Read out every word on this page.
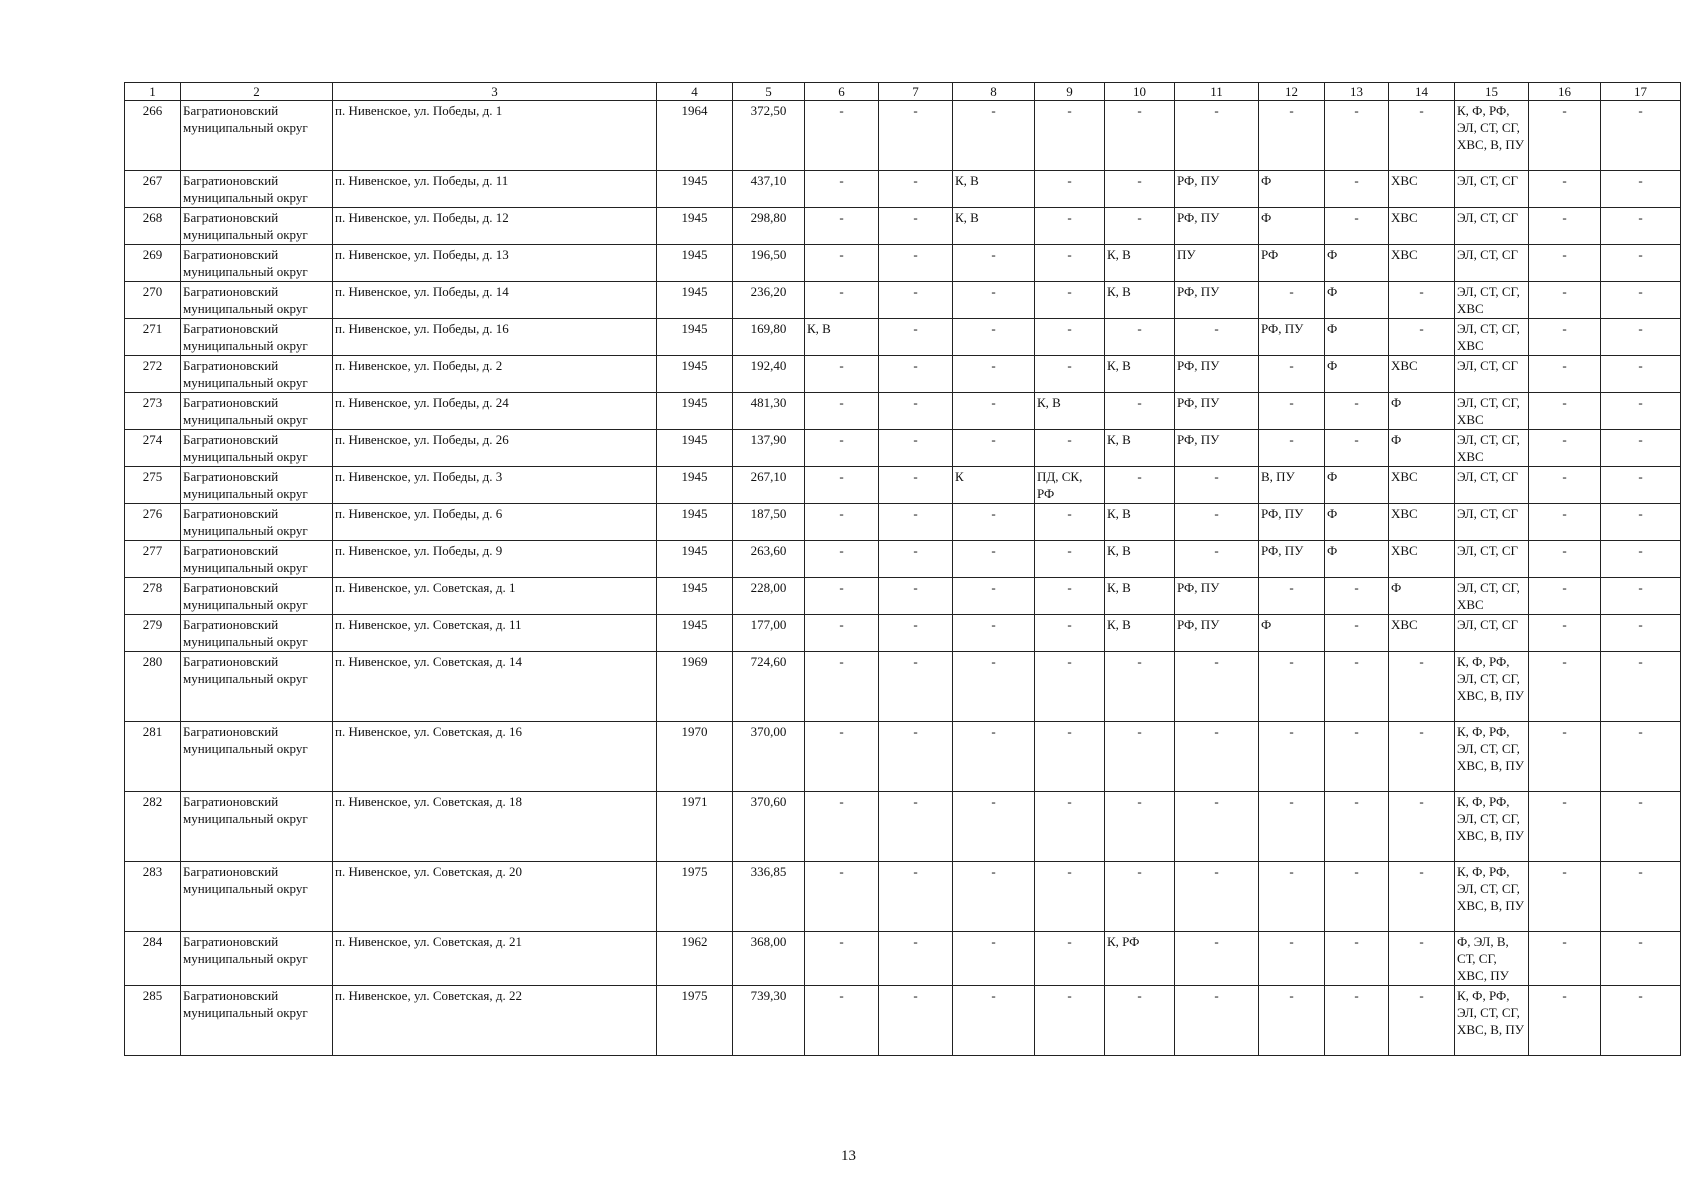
1	2	3	4	5	6	7	8	9	10	11	12	13	14	15	16	17
266	Багратионовский муниципальный округ	п. Нивенское, ул. Победы, д. 1	1964	372,50	-	-	-	-	-	-	-	-	-	К, Ф, РФ, ЭЛ, СТ, СГ, ХВС, В, ПУ	-	-
267	Багратионовский муниципальный округ	п. Нивенское, ул. Победы, д. 11	1945	437,10	-	-	К, В	-	-	РФ, ПУ	Ф	-	ХВС	ЭЛ, СТ, СГ	-	-
268	Багратионовский муниципальный округ	п. Нивенское, ул. Победы, д. 12	1945	298,80	-	-	К, В	-	-	РФ, ПУ	Ф	-	ХВС	ЭЛ, СТ, СГ	-	-
269	Багратионовский муниципальный округ	п. Нивенское, ул. Победы, д. 13	1945	196,50	-	-	-	-	К, В	ПУ	РФ	Ф	ХВС	ЭЛ, СТ, СГ	-	-
270	Багратионовский муниципальный округ	п. Нивенское, ул. Победы, д. 14	1945	236,20	-	-	-	-	К, В	РФ, ПУ	-	Ф	-	ЭЛ, СТ, СГ, ХВС	-	-
271	Багратионовский муниципальный округ	п. Нивенское, ул. Победы, д. 16	1945	169,80	К, В	-	-	-	-	-	РФ, ПУ	Ф	-	ЭЛ, СТ, СГ, ХВС	-	-
272	Багратионовский муниципальный округ	п. Нивенское, ул. Победы, д. 2	1945	192,40	-	-	-	-	К, В	РФ, ПУ	-	Ф	ХВС	ЭЛ, СТ, СГ	-	-
273	Багратионовский муниципальный округ	п. Нивенское, ул. Победы, д. 24	1945	481,30	-	-	-	К, В	-	РФ, ПУ	-	-	Ф	ЭЛ, СТ, СГ, ХВС	-	-
274	Багратионовский муниципальный округ	п. Нивенское, ул. Победы, д. 26	1945	137,90	-	-	-	-	К, В	РФ, ПУ	-	-	Ф	ЭЛ, СТ, СГ, ХВС	-	-
275	Багратионовский муниципальный округ	п. Нивенское, ул. Победы, д. 3	1945	267,10	-	-	К	ПД, СК, РФ	-	-	В, ПУ	Ф	ХВС	ЭЛ, СТ, СГ	-	-
276	Багратионовский муниципальный округ	п. Нивенское, ул. Победы, д. 6	1945	187,50	-	-	-	-	К, В	-	РФ, ПУ	Ф	ХВС	ЭЛ, СТ, СГ	-	-
277	Багратионовский муниципальный округ	п. Нивенское, ул. Победы, д. 9	1945	263,60	-	-	-	-	К, В	-	РФ, ПУ	Ф	ХВС	ЭЛ, СТ, СГ	-	-
278	Багратионовский муниципальный округ	п. Нивенское, ул. Советская, д. 1	1945	228,00	-	-	-	-	К, В	РФ, ПУ	-	-	Ф	ЭЛ, СТ, СГ, ХВС	-	-
279	Багратионовский муниципальный округ	п. Нивенское, ул. Советская, д. 11	1945	177,00	-	-	-	-	К, В	РФ, ПУ	Ф	-	ХВС	ЭЛ, СТ, СГ	-	-
280	Багратионовский муниципальный округ	п. Нивенское, ул. Советская, д. 14	1969	724,60	-	-	-	-	-	-	-	-	-	К, Ф, РФ, ЭЛ, СТ, СГ, ХВС, В, ПУ	-	-
281	Багратионовский муниципальный округ	п. Нивенское, ул. Советская, д. 16	1970	370,00	-	-	-	-	-	-	-	-	-	К, Ф, РФ, ЭЛ, СТ, СГ, ХВС, В, ПУ	-	-
282	Багратионовский муниципальный округ	п. Нивенское, ул. Советская, д. 18	1971	370,60	-	-	-	-	-	-	-	-	-	К, Ф, РФ, ЭЛ, СТ, СГ, ХВС, В, ПУ	-	-
283	Багратионовский муниципальный округ	п. Нивенское, ул. Советская, д. 20	1975	336,85	-	-	-	-	-	-	-	-	-	К, Ф, РФ, ЭЛ, СТ, СГ, ХВС, В, ПУ	-	-
284	Багратионовский муниципальный округ	п. Нивенское, ул. Советская, д. 21	1962	368,00	-	-	-	-	К, РФ	-	-	-	-	Ф, ЭЛ, В, СТ, СГ, ХВС, ПУ	-	-
285	Багратионовский муниципальный округ	п. Нивенское, ул. Советская, д. 22	1975	739,30	-	-	-	-	-	-	-	-	-	К, Ф, РФ, ЭЛ, СТ, СГ, ХВС, В, ПУ	-	-
13
